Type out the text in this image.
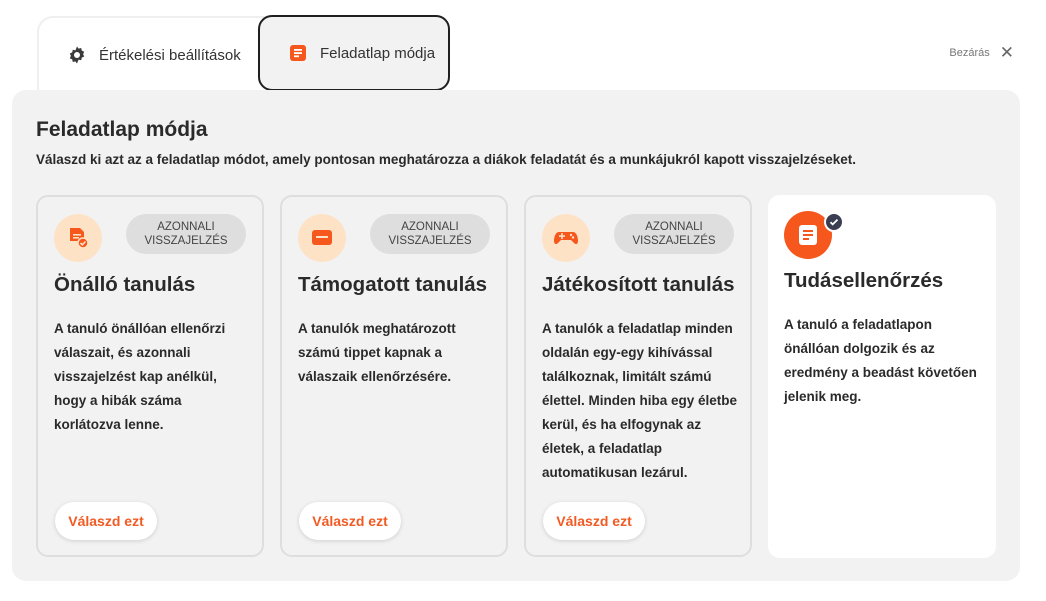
Értékelési beállítások	Feladatlap módja	Bezárás ✕
Feladatlap módja
Válaszd ki azt az a feladatlap módot, amely pontosan meghatározza a diákok feladatát és a munkájukról kapott visszajelzéseket.
AZONNALI VISSZAJELZÉS
Önálló tanulás
A tanuló önállóan ellenőrzi válaszait, és azonnali visszajelzést kap anélkül, hogy a hibák száma korlátozva lenne.
Válaszd ezt
AZONNALI VISSZAJELZÉS
Támogatott tanulás
A tanulók meghatározott számú tippet kapnak a válaszaik ellenőrzésére.
Válaszd ezt
AZONNALI VISSZAJELZÉS
Játékosított tanulás
A tanulók a feladatlap minden oldalán egy-egy kihívással találkoznak, limitált számú élettel. Minden hiba egy életbe kerül, és ha elfogynak az életek, a feladatlap automatikusan lezárul.
Válaszd ezt
Tudásellenőrzés
A tanuló a feladatlapon önállóan dolgozik és az eredmény a beadást követően jelenik meg.
